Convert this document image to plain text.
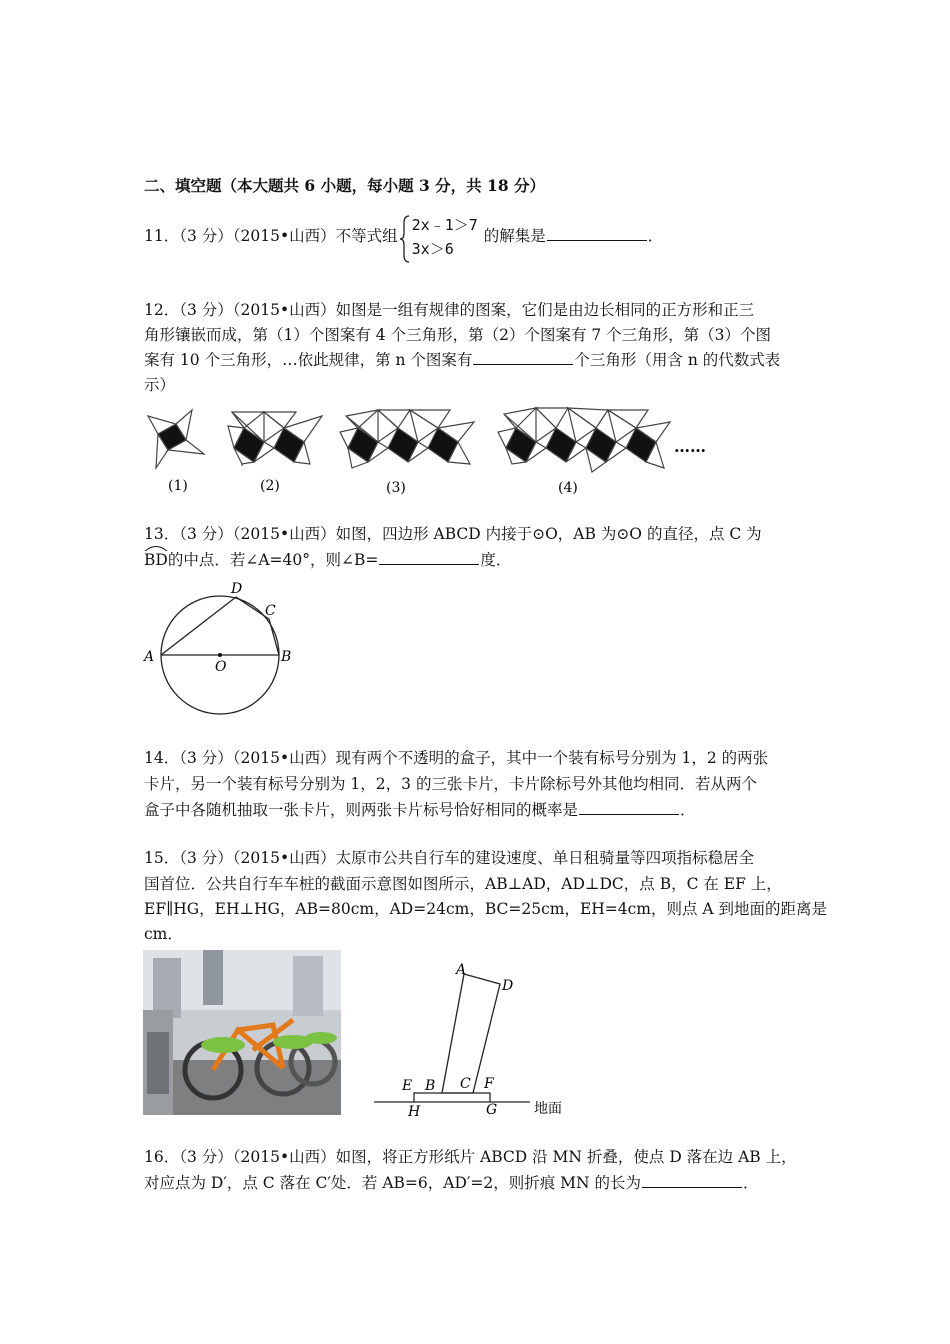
二、填空题（本大题共 6 小题，每小题 3 分，共 18 分）
11．（3 分）（2015•山西）不等式组
2x﹣1＞7
3x＞6
的解集是	．
12．（3 分）（2015•山西）如图是一组有规律的图案，它们是由边长相同的正方形和正三
角形镶嵌而成，第（1）个图案有 4 个三角形，第（2）个图案有 7 个三角形，第（3）个图
案有 10 个三角形，…依此规律，第 n 个图案有	个三角形（用含 n 的代数式表
示）
……
(1)	(2)	(3)	(4)
13．（3 分）（2015•山西）如图，四边形 ABCD 内接于⊙O，AB 为⊙O 的直径，点 C 为
BD的中点．若∠A=40°，则∠B=	度．
A	B
C
D
O
14．（3 分）（2015•山西）现有两个不透明的盒子，其中一个装有标号分别为 1，2 的两张
卡片，另一个装有标号分别为 1，2，3 的三张卡片，卡片除标号外其他均相同．若从两个
盒子中各随机抽取一张卡片，则两张卡片标号恰好相同的概率是	．
15．（3 分）（2015•山西）太原市公共自行车的建设速度、单日租骑量等四项指标稳居全
国首位．公共自行车车桩的截面示意图如图所示，AB⊥AD，AD⊥DC，点 B，C 在 EF 上，
EF∥HG，EH⊥HG，AB=80cm，AD=24cm，BC=25cm，EH=4cm，则点 A 到地面的距离是
cm．
A
D
E B C F
H	G	地面
16．（3 分）（2015•山西）如图，将正方形纸片 ABCD 沿 MN 折叠，使点 D 落在边 AB 上，
对应点为 D′，点 C 落在 C′处．若 AB=6，AD′=2，则折痕 MN 的长为	．
